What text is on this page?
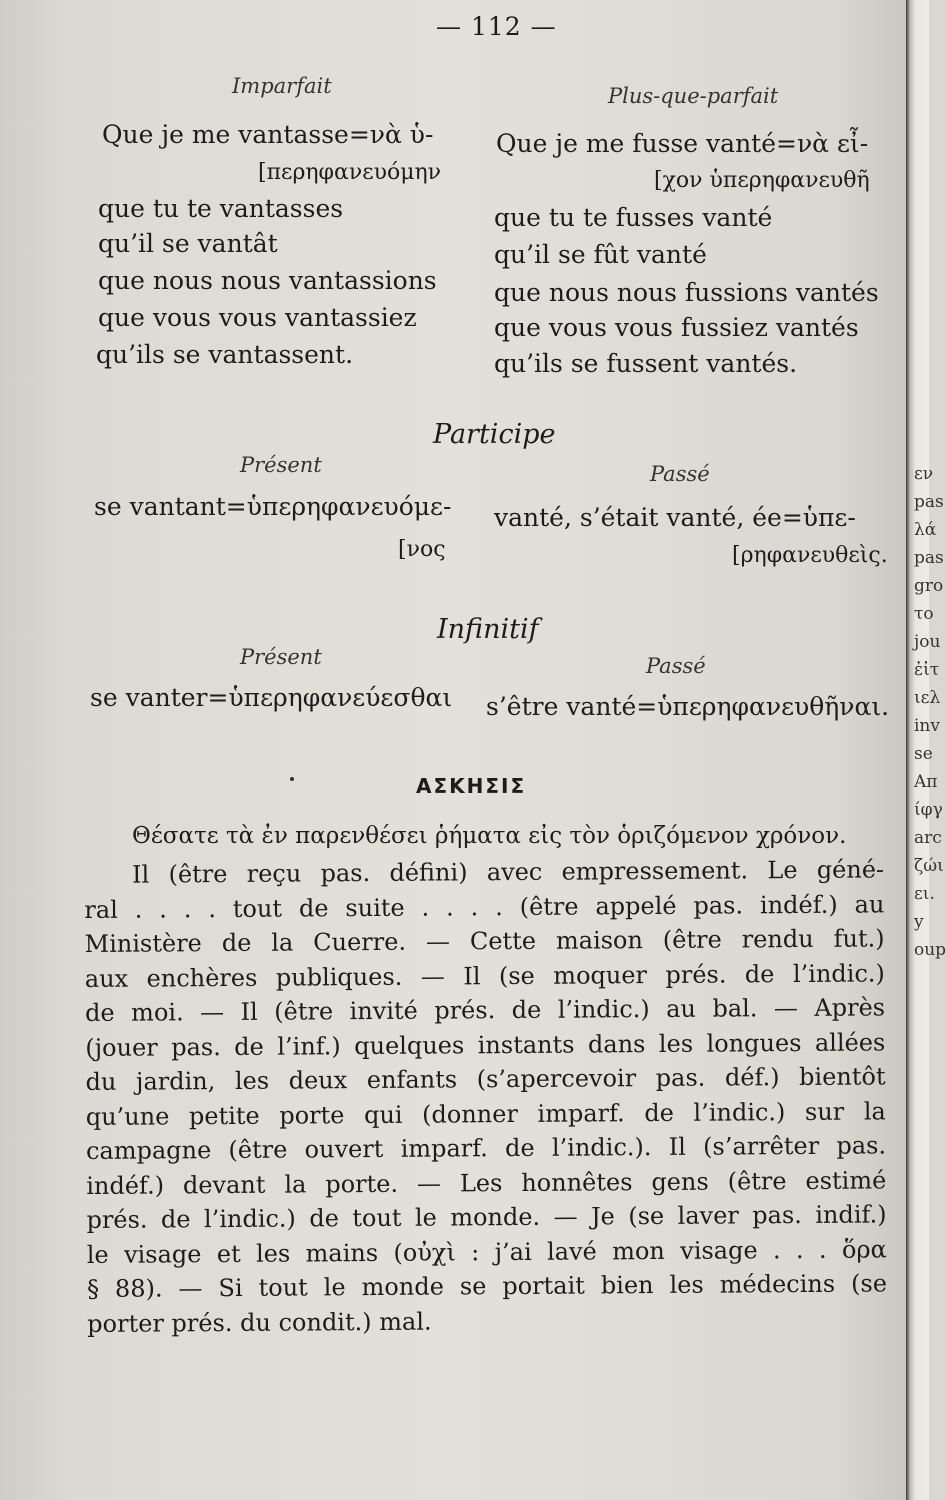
— 112 —
Imparfait
Que je me vantasse=νὰ ὑ-
[περηφανευόμην
que tu te vantasses
qu’il se vantât
que nous nous vantassions
que vous vous vantassiez
qu’ils se vantassent.
Plus-que-parfait
Que je me fusse vanté=νὰ εἶ-
[χον ὑπερηφανευθῆ
que tu te fusses vanté
qu’il se fût vanté
que nous nous fussions vantés
que vous vous fussiez vantés
qu’ils se fussent vantés.
Participe
Présent	Passé
se vantant=ὑπερηφανευόμε-
[νος
vanté, s’était vanté, ée=ὑπε-
[ρηφανευθεὶς.
Infinitif
Présent	Passé
se vanter=ὑπερηφανεύεσθαι s’être vanté=ὑπερηφανευθῆναι.
ΑΣΚΗΣΙΣ
Θέσατε τὰ ἐν παρενθέσει ῥήματα εἰς τὸν ὁριζόμενον χρόνον.
Il (être reçu pas. défini) avec empressement. Le géné-
ral . . . . tout de suite . . . . (être appelé pas. indéf.) au
Ministère de la Cuerre. — Cette maison (être rendu fut.)
aux enchères publiques. — Il (se moquer prés. de l’indic.)
de moi. — Il (être invité prés. de l’indic.) au bal. — Après
(jouer pas. de l’inf.) quelques instants dans les longues allées
du jardin, les deux enfants (s’apercevoir pas. déf.) bientôt
qu’une petite porte qui (donner imparf. de l’indic.) sur la
campagne (être ouvert imparf. de l’indic.). Il (s’arrêter pas.
indéf.) devant la porte. — Les honnêtes gens (être estimé
prés. de l’indic.) de tout le monde. — Je (se laver pas. indif.)
le visage et les mains (οὐχὶ : j’ai lavé mon visage . . . ὅρα
§ 88). — Si tout le monde se portait bien les médecins (se
porter prés. du condit.) mal.
εν
pas
λά
pas
gro
το
jou
ἐἰτ
ιελ
inv
se
Απ
ίφγ
arc
ζώι
ει.
y
oup
